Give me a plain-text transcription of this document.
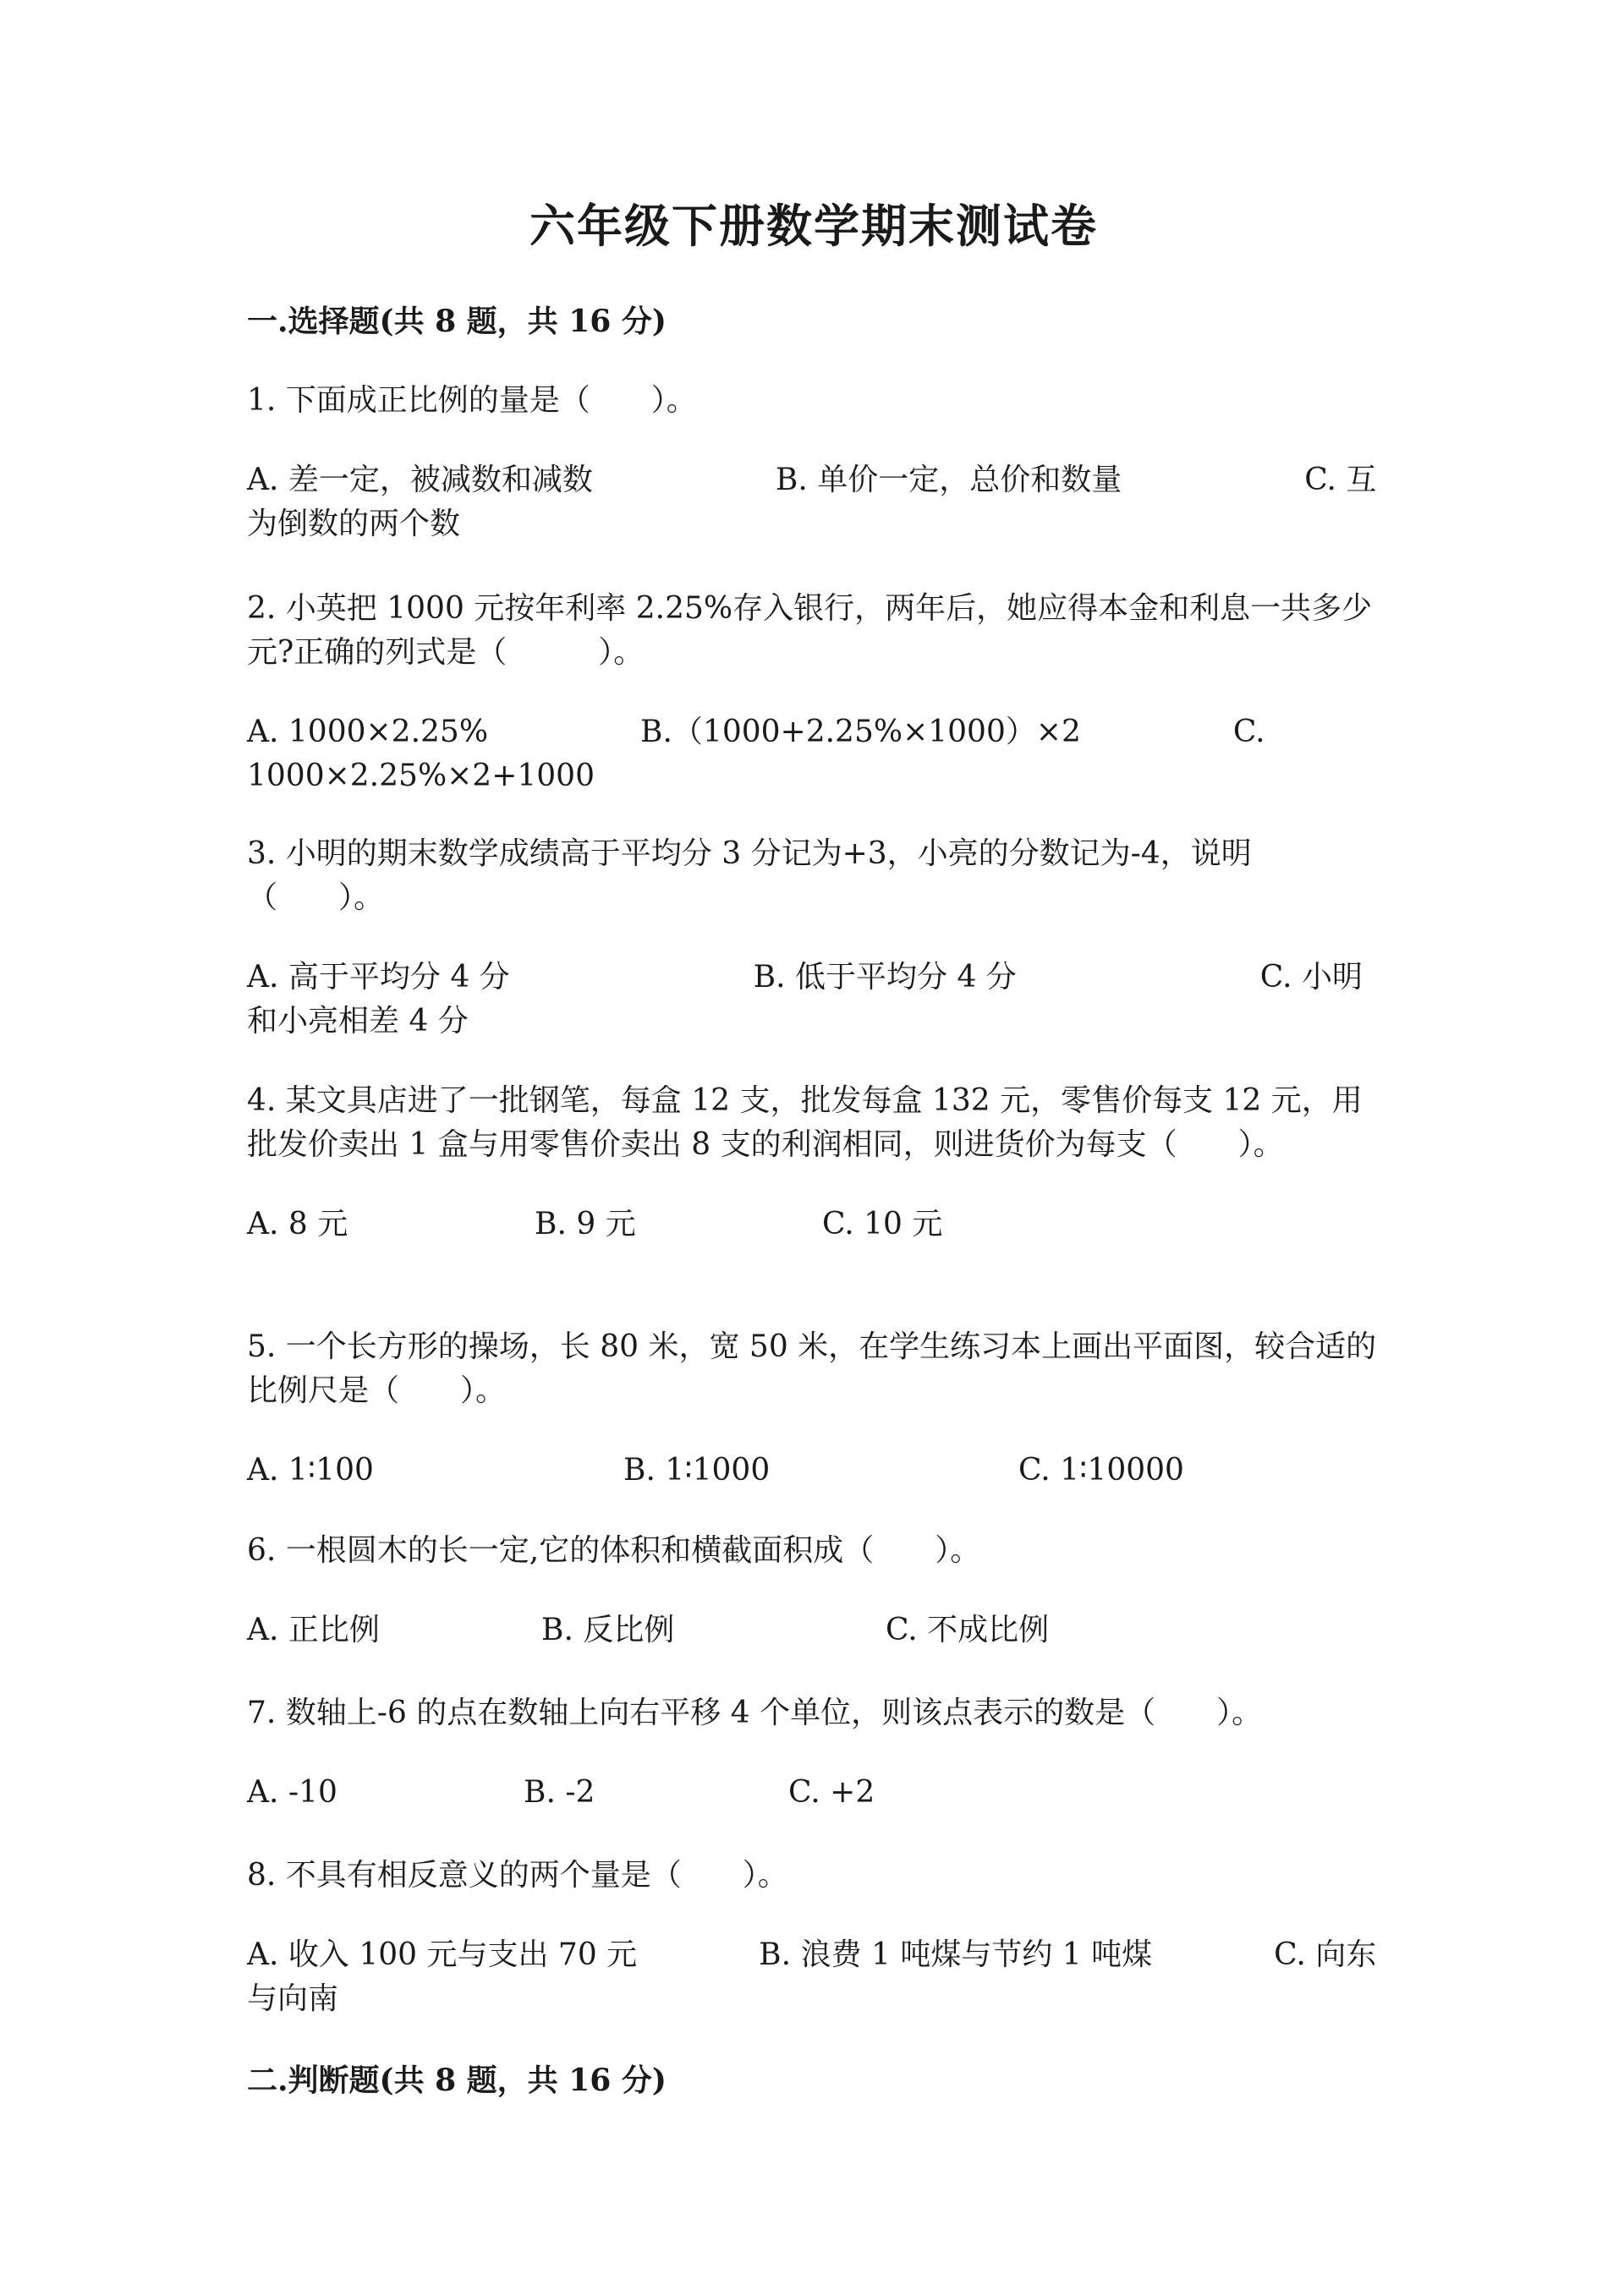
六年级下册数学期末测试卷
一.选择题(共 8 题，共 16 分)

1. 下面成正比例的量是（　　）。

A. 差一定，被减数和减数　　　　　　B. 单价一定，总价和数量　　　　　　C. 互为倒数的两个数

2. 小英把 1000 元按年利率 2.25%存入银行，两年后，她应得本金和利息一共多少元?正确的列式是（　　　）。

A. 1000×2.25%　　　　　B.（1000+2.25%×1000）×2　　　　　C. 1000×2.25%×2+1000

3. 小明的期末数学成绩高于平均分 3 分记为+3，小亮的分数记为-4，说明（　　）。

A. 高于平均分 4 分　　　　　　　　B. 低于平均分 4 分　　　　　　　　C. 小明和小亮相差 4 分

4. 某文具店进了一批钢笔，每盒 12 支，批发每盒 132 元，零售价每支 12 元，用批发价卖出 1 盒与用零售价卖出 8 支的利润相同，则进货价为每支（　　）。

A. 8 元	B. 9 元	C. 10 元

5. 一个长方形的操场，长 80 米，宽 50 米，在学生练习本上画出平面图，较合适的比例尺是（　　）。

A. 1∶100	B. 1∶1000	C. 1∶10000

6. 一根圆木的长一定,它的体积和横截面积成（　　）。

A. 正比例	B. 反比例	C. 不成比例

7. 数轴上-6 的点在数轴上向右平移 4 个单位，则该点表示的数是（　　）。

A. -10	B. -2	C. +2

8. 不具有相反意义的两个量是（　　）。

A. 收入 100 元与支出 70 元　　　　B. 浪费 1 吨煤与节约 1 吨煤　　　　C. 向东与向南
二.判断题(共 8 题，共 16 分)
